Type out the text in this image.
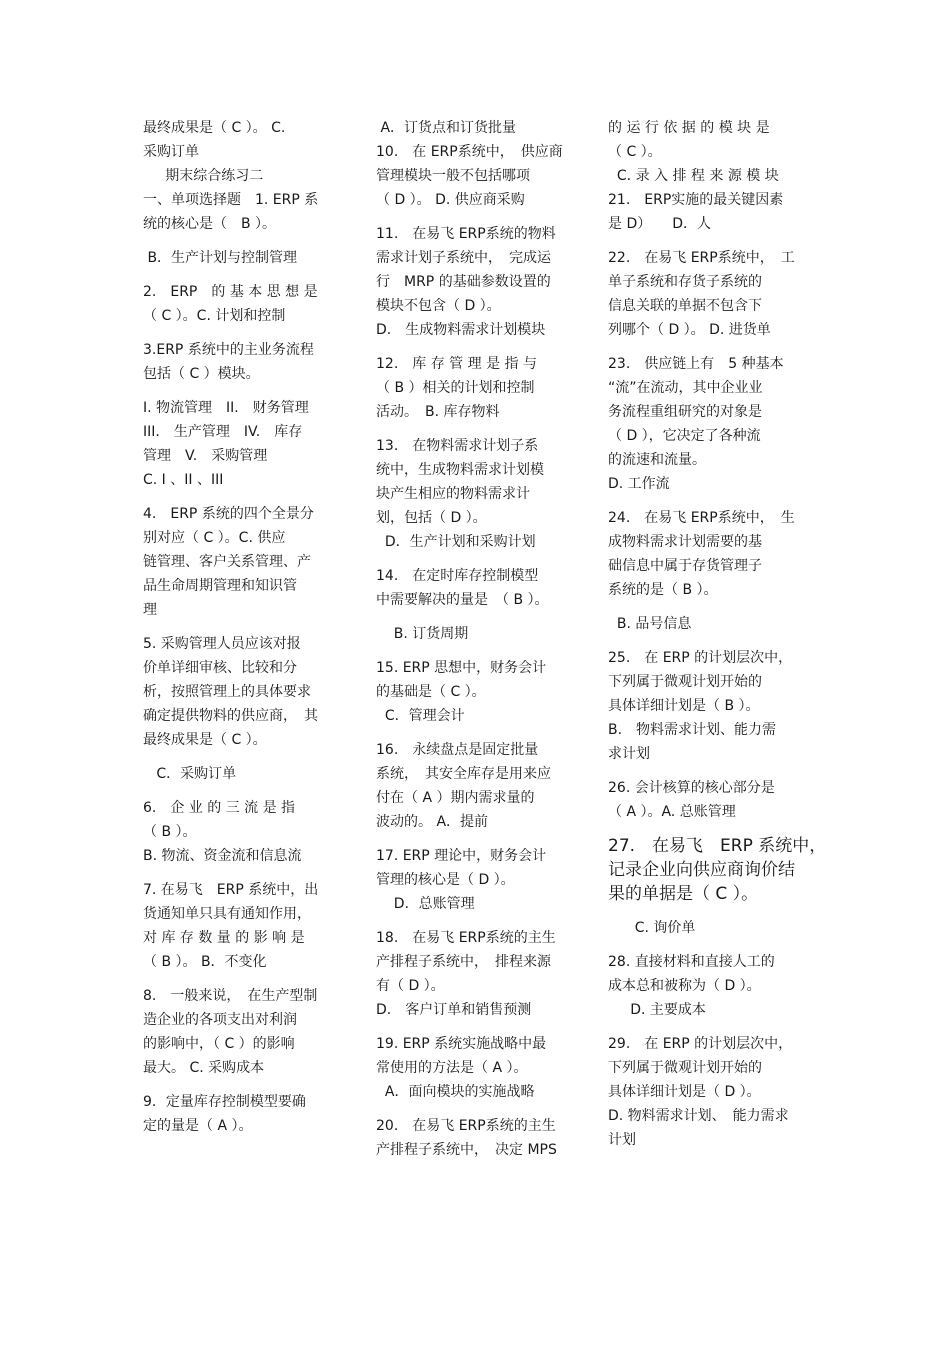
最终成果是（ C ）。 C.

采购订单

期末综合练习二

一、单项选择题　1. ERP 系

统的核心是（　B ）。

B．生产计划与控制管理

2.　ERP　的 基 本 思 想 是

（ C ）。C. 计划和控制

3.ERP 系统中的主业务流程

包括（ C ）模块。

I. 物流管理　II.　财务管理

III.　生产管理　IV.　库存

管理　V.　采购管理

C. I 、II 、III

4.　ERP 系统的四个全景分

别对应（ C ）。C. 供应

链管理、客户关系管理、产

品生命周期管理和知识管

理

5. 采购管理人员应该对报

价单详细审核、比较和分

析，按照管理上的具体要求

确定提供物料的供应商，　其

最终成果是（ C ）。

C．采购订单

6.　企 业 的 三 流 是 指

（ B ）。

B. 物流、资金流和信息流

7. 在易飞　ERP 系统中，出

货通知单只具有通知作用，

对 库 存 数 量 的 影 响 是

（ B ）。 B．不变化

8.　一般来说，　在生产型制

造企业的各项支出对利润

的影响中，（ C ）的影响

最大。 C. 采购成本

9．定量库存控制模型要确

定的量是（ A ）。

A．订货点和订货批量

10.　在 ERP系统中，　供应商

管理模块一般不包括哪项

（ D ）。 D. 供应商采购

11.　在易飞 ERP系统的物料

需求计划子系统中，　完成运

行　MRP 的基础参数设置的

模块不包含（ D ）。

D.　生成物料需求计划模块

12.　库 存 管 理 是 指 与

（ B ）相关的计划和控制

活动。　B. 库存物料

13.　在物料需求计划子系

统中，生成物料需求计划模

块产生相应的物料需求计

划，包括（ D ）。

D．生产计划和采购计划

14.　在定时库存控制模型

中需要解决的量是　（ B ）。

B. 订货周期

15. ERP 思想中，财务会计

的基础是（ C ）。

C．管理会计

16.　永续盘点是固定批量

系统，　其安全库存是用来应

付在（ A ）期内需求量的

波动的。 A．提前

17. ERP 理论中，财务会计

管理的核心是（ D ）。

D．总账管理

18.　在易飞 ERP系统的主生

产排程子系统中，　排程来源

有（ D ）。

D.　客户订单和销售预测

19. ERP 系统实施战略中最

常使用的方法是（ A ）。

A．面向模块的实施战略

20.　在易飞 ERP系统的主生

产排程子系统中，　决定 MPS

的 运 行 依 据 的 模 块 是

（ C ）。

C. 录 入 排 程 来 源 模 块

21.　ERP实施的最关键因素

是 D）　　D．人

22.　在易飞 ERP系统中，　工

单子系统和存货子系统的

信息关联的单据不包含下

列哪个（ D ）。 D. 进货单

23.　供应链上有　5 种基本

“流”在流动，其中企业业

务流程重组研究的对象是

（ D ），它决定了各种流

的流速和流量。

D. 工作流

24.　在易飞 ERP系统中，　生

成物料需求计划需要的基

础信息中属于存货管理子

系统的是（ B ）。

B. 品号信息

25.　在 ERP 的计划层次中，

下列属于微观计划开始的

具体详细计划是（ B ）。

B.　物料需求计划、能力需

求计划

26. 会计核算的核心部分是

（ A ）。A. 总账管理

27.　在易飞　ERP 系统中，

记录企业向供应商询价结

果的单据是（ C ）。

C. 询价单

28. 直接材料和直接人工的

成本总和被称为（ D ）。

D. 主要成本

29.　在 ERP 的计划层次中，

下列属于微观计划开始的

具体详细计划是（ D ）。

D. 物料需求计划、　能力需求

计划
